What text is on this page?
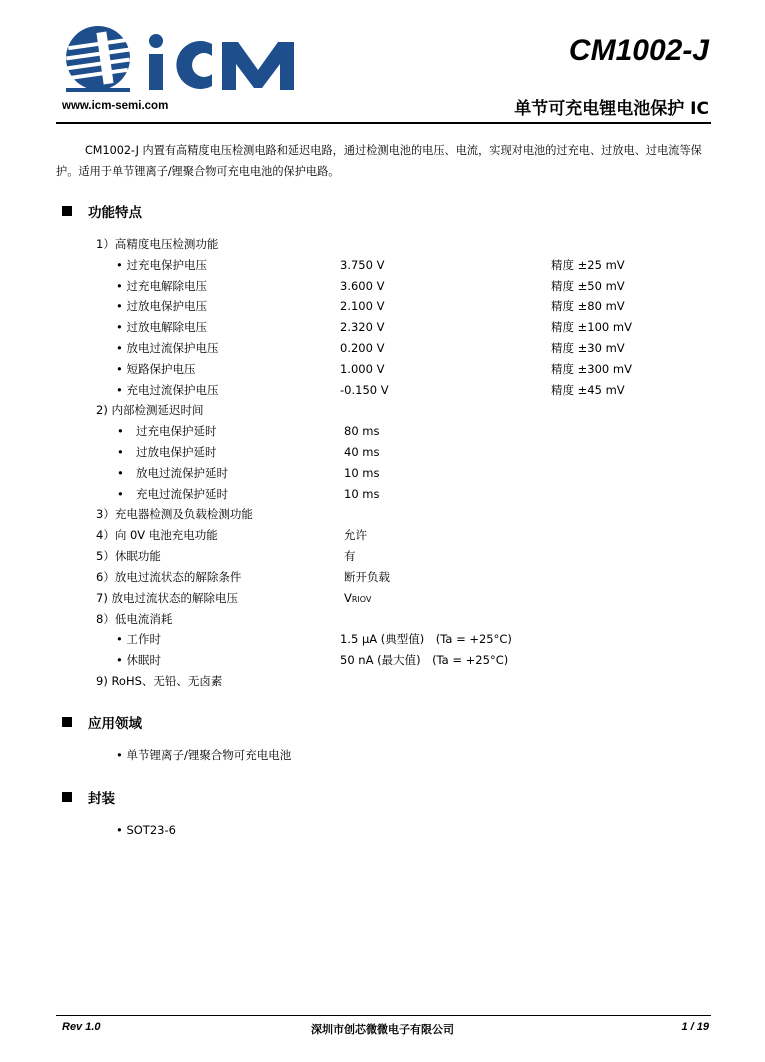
www.icm-semi.com
CM1002-J
单节可充电锂电池保护 IC
CM1002-J 内置有高精度电压检测电路和延迟电路，通过检测电池的电压、电流，实现对电池的过充电、过放电、过电流等保护。适用于单节锂离子/锂聚合物可充电电池的保护电路。
功能特点
1）高精度电压检测功能
• 过充电保护电压	3.750 V	精度 ±25 mV
• 过充电解除电压	3.600 V	精度 ±50 mV
• 过放电保护电压	2.100 V	精度 ±80 mV
• 过放电解除电压	2.320 V	精度 ±100 mV
• 放电过流保护电压	0.200 V	精度 ±30 mV
• 短路保护电压	1.000 V	精度 ±300 mV
• 充电过流保护电压	-0.150 V	精度 ±45 mV
2) 内部检测延迟时间
• 过充电保护延时	80 ms
• 过放电保护延时	40 ms
• 放电过流保护延时	10 ms
• 充电过流保护延时	10 ms
3）充电器检测及负载检测功能
4）向 0V 电池充电功能	允许
5）休眠功能	有
6）放电过流状态的解除条件	断开负载
7) 放电过流状态的解除电压	VRIOV
8）低电流消耗
• 工作时	1.5 µA (典型值)　(Ta = +25°C)
• 休眠时	50 nA (最大值)　(Ta = +25°C)
9) RoHS、无铅、无卤素
应用领域
• 单节锂离子/锂聚合物可充电电池
封装
• SOT23-6
Rev 1.0	深圳市创芯微微电子有限公司	1 / 19
